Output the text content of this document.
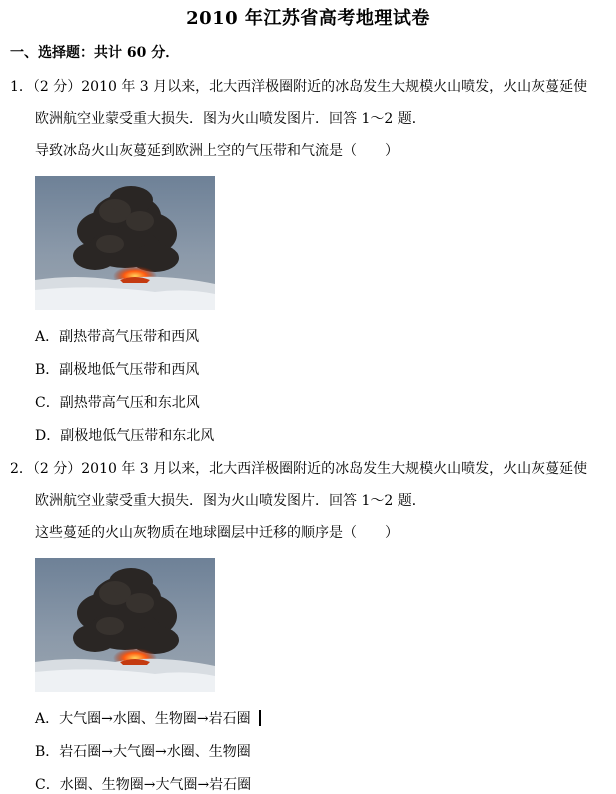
2010 年江苏省高考地理试卷
一、选择题：共计 60 分．
1．（2 分）2010 年 3 月以来，北大西洋极圈附近的冰岛发生大规模火山喷发，火山灰蔓延使
欧洲航空业蒙受重大损失．图为火山喷发图片．回答 1～2 题．
导致冰岛火山灰蔓延到欧洲上空的气压带和气流是（　　）
A．副热带高气压带和西风
B．副极地低气压带和西风
C．副热带高气压和东北风
D．副极地低气压带和东北风
2．（2 分）2010 年 3 月以来，北大西洋极圈附近的冰岛发生大规模火山喷发，火山灰蔓延使
欧洲航空业蒙受重大损失．图为火山喷发图片．回答 1～2 题．
这些蔓延的火山灰物质在地球圈层中迁移的顺序是（　　）
A．大气圈→水圈、生物圈→岩石圈
B．岩石圈→大气圈→水圈、生物圈
C．水圈、生物圈→大气圈→岩石圈
